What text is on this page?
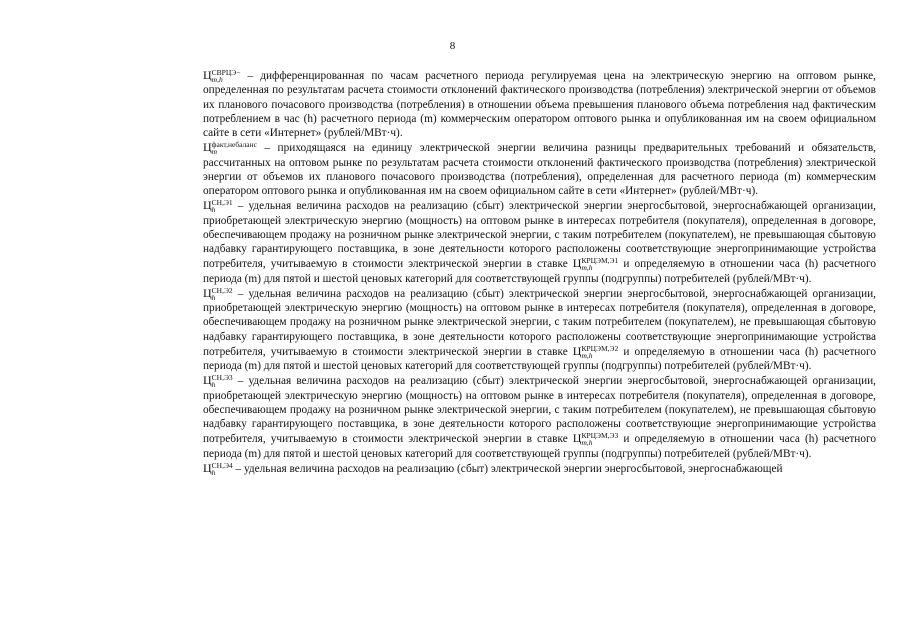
8

Ц СВРЦЭ−
m,h	– дифференцированная по часам расчетного периода регулируемая цена на электрическую энергию на оптовом рынке, определенная по результатам расчета стоимости отклонений фактического производства (потребления) электрической энергии от объемов их планового почасового производства (потребления) в отношении объема превышения планового объема потребления над фактическим потреблением в час (h) расчетного периода (m) коммерческим оператором оптового рынка и опубликованная им на своем официальном сайте в сети «Интернет» (рублей/МВт·ч).

Ц факт,небаланс
m	– приходящаяся на единицу электрической энергии величина разницы предварительных требований и обязательств, рассчитанных на оптовом рынке по результатам расчета стоимости отклонений фактического производства (потребления) электрической энергии от объемов их планового почасового производства (потребления), определенная для расчетного периода (m) коммерческим оператором оптового рынка и опубликованная им на своем официальном сайте в сети «Интернет» (рублей/МВт·ч).

Ц СН,Э1
h	– удельная величина расходов на реализацию (сбыт) электрической энергии энергосбытовой, энергоснабжающей организации, приобретающей электрическую энергию (мощность) на оптовом рынке в интересах потребителя (покупателя), определенная в договоре, обеспечивающем продажу на розничном рынке электрической энергии, с таким потребителем (покупателем), не превышающая сбытовую надбавку гарантирующего поставщика, в зоне деятельности которого расположены соответствующие энергопринимающие устройства потребителя, учитываемую в стоимости электрической энергии в ставке Ц КРЦЭМ,Э1
m,h	и определяемую в отношении часа (h) расчетного периода (m) для пятой и шестой ценовых категорий для соответствующей группы (подгруппы) потребителей (рублей/МВт·ч).

Ц СН,Э2
h	– удельная величина расходов на реализацию (сбыт) электрической энергии энергосбытовой, энергоснабжающей организации, приобретающей электрическую энергию (мощность) на оптовом рынке в интересах потребителя (покупателя), определенная в договоре, обеспечивающем продажу на розничном рынке электрической энергии, с таким потребителем (покупателем), не превышающая сбытовую надбавку гарантирующего поставщика, в зоне деятельности которого расположены соответствующие энергопринимающие устройства потребителя, учитываемую в стоимости электрической энергии в ставке Ц КРЦЭМ,Э2
m,h	и определяемую в отношении часа (h) расчетного периода (m) для пятой и шестой ценовых категорий для соответствующей группы (подгруппы) потребителей (рублей/МВт·ч).

Ц СН,Э3
h	– удельная величина расходов на реализацию (сбыт) электрической энергии энергосбытовой, энергоснабжающей организации, приобретающей электрическую энергию (мощность) на оптовом рынке в интересах потребителя (покупателя), определенная в договоре, обеспечивающем продажу на розничном рынке электрической энергии, с таким потребителем (покупателем), не превышающая сбытовую надбавку гарантирующего поставщика, в зоне деятельности которого расположены соответствующие энергопринимающие устройства потребителя, учитываемую в стоимости электрической энергии в ставке Ц КРЦЭМ,Э3
m,h	и определяемую в отношении часа (h) расчетного периода (m) для пятой и шестой ценовых категорий для соответствующей группы (подгруппы) потребителей (рублей/МВт·ч).

Ц СН,Э4
h	– удельная величина расходов на реализацию (сбыт) электрической энергии энергосбытовой, энергоснабжающей
